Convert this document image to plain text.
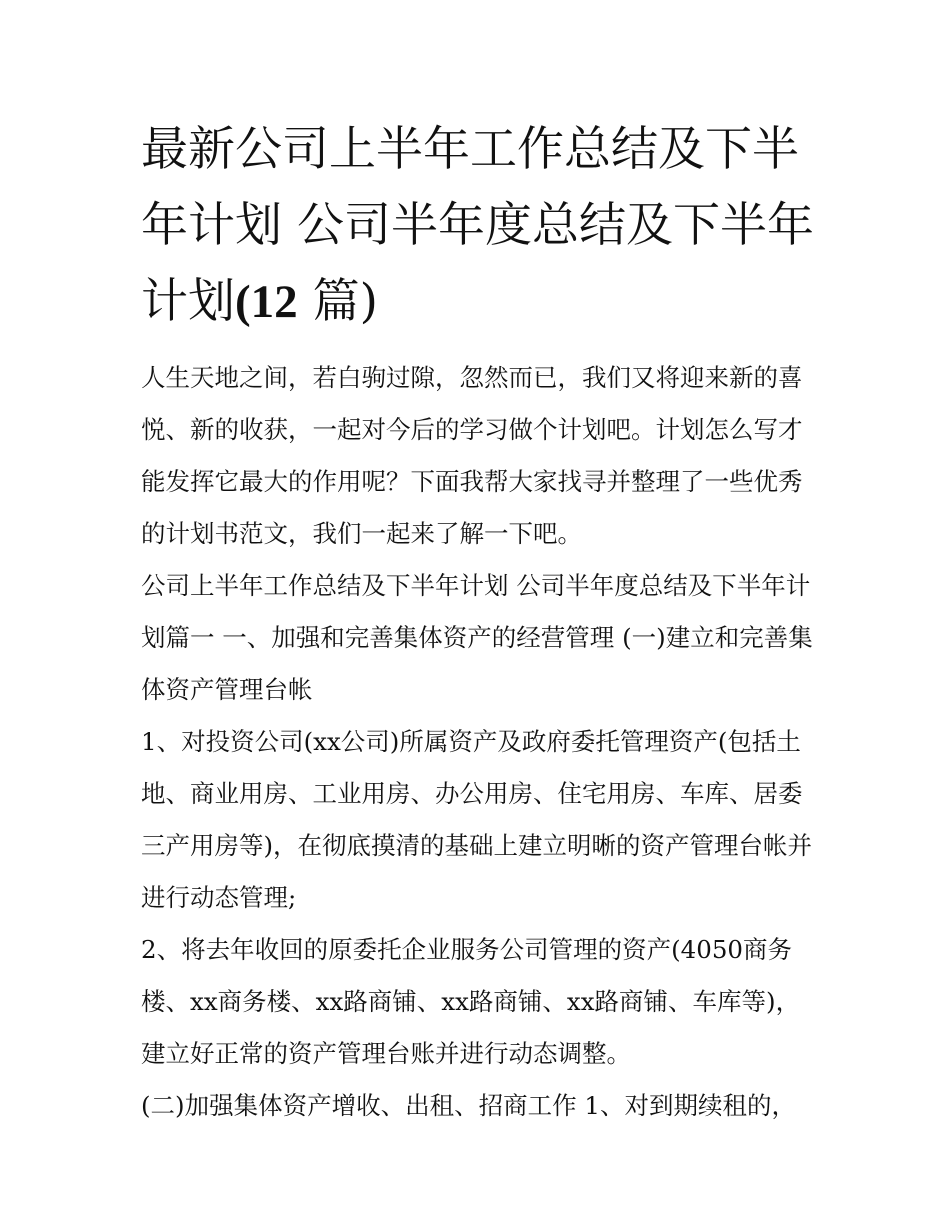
最新公司上半年工作总结及下半年计划 公司半年度总结及下半年计划(12 篇)

人生天地之间，若白驹过隙，忽然而已，我们又将迎来新的喜悦、新的收获，一起对今后的学习做个计划吧。计划怎么写才能发挥它最大的作用呢？下面我帮大家找寻并整理了一些优秀的计划书范文，我们一起来了解一下吧。

公司上半年工作总结及下半年计划 公司半年度总结及下半年计划篇一 一、加强和完善集体资产的经营管理 (一)建立和完善集体资产管理台帐

1、对投资公司(xx公司)所属资产及政府委托管理资产(包括土地、商业用房、工业用房、办公用房、住宅用房、车库、居委三产用房等)，在彻底摸清的基础上建立明晰的资产管理台帐并进行动态管理;

2、将去年收回的原委托企业服务公司管理的资产(4050商务楼、xx商务楼、xx路商铺、xx路商铺、xx路商铺、车库等)，建立好正常的资产管理台账并进行动态调整。

(二)加强集体资产增收、出租、招商工作 1、对到期续租的，
